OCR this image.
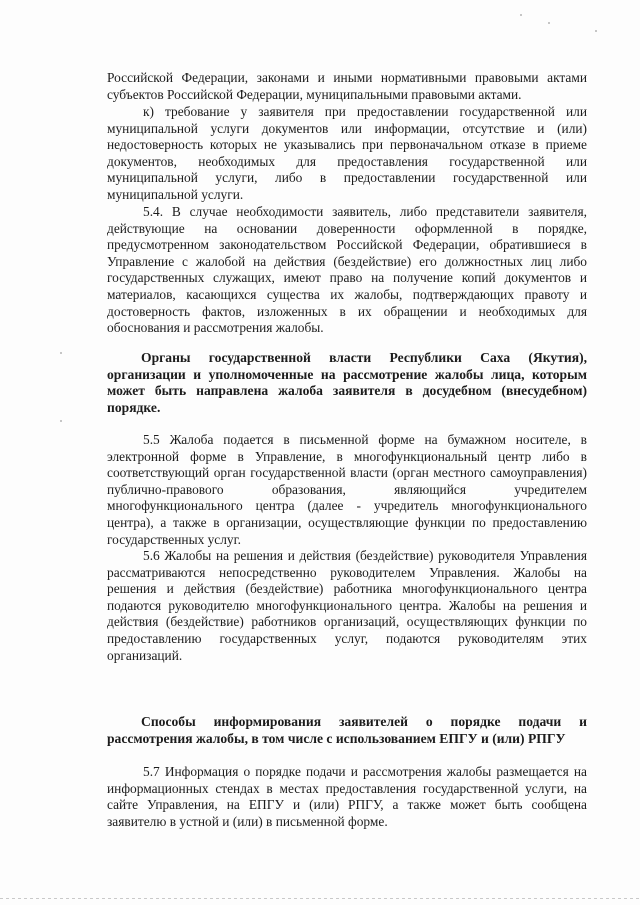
Российской Федерации, законами и иными нормативными правовыми актами субъектов Российской Федерации, муниципальными правовыми актами.

к) требование у заявителя при предоставлении государственной или муниципальной услуги документов или информации, отсутствие и (или) недостоверность которых не указывались при первоначальном отказе в приеме документов, необходимых для предоставления государственной или муниципальной услуги, либо в предоставлении государственной или муниципальной услуги.

5.4. В случае необходимости заявитель, либо представители заявителя, действующие на основании доверенности оформленной в порядке, предусмотренном законодательством Российской Федерации, обратившиеся в Управление с жалобой на действия (бездействие) его должностных лиц либо государственных служащих, имеют право на получение копий документов и материалов, касающихся существа их жалобы, подтверждающих правоту и достоверность фактов, изложенных в их обращении и необходимых для обоснования и рассмотрения жалобы.

Органы государственной власти Республики Саха (Якутия), организации и уполномоченные на рассмотрение жалобы лица, которым может быть направлена жалоба заявителя в досудебном (внесудебном) порядке.

5.5 Жалоба подается в письменной форме на бумажном носителе, в электронной форме в Управление, в многофункциональный центр либо в соответствующий орган государственной власти (орган местного самоуправления) публично-правового образования, являющийся учредителем многофункционального центра (далее - учредитель многофункционального центра), а также в организации, осуществляющие функции по предоставлению государственных услуг.

5.6 Жалобы на решения и действия (бездействие) руководителя Управления рассматриваются непосредственно руководителем Управления. Жалобы на решения и действия (бездействие) работника многофункционального центра подаются руководителю многофункционального центра. Жалобы на решения и действия (бездействие) работников организаций, осуществляющих функции по предоставлению государственных услуг, подаются руководителям этих организаций.

Способы информирования заявителей о порядке подачи и рассмотрения жалобы, в том числе с использованием ЕПГУ и (или) РПГУ

5.7 Информация о порядке подачи и рассмотрения жалобы размещается на информационных стендах в местах предоставления государственной услуги, на сайте Управления, на ЕПГУ и (или) РПГУ, а также может быть сообщена заявителю в устной и (или) в письменной форме.
